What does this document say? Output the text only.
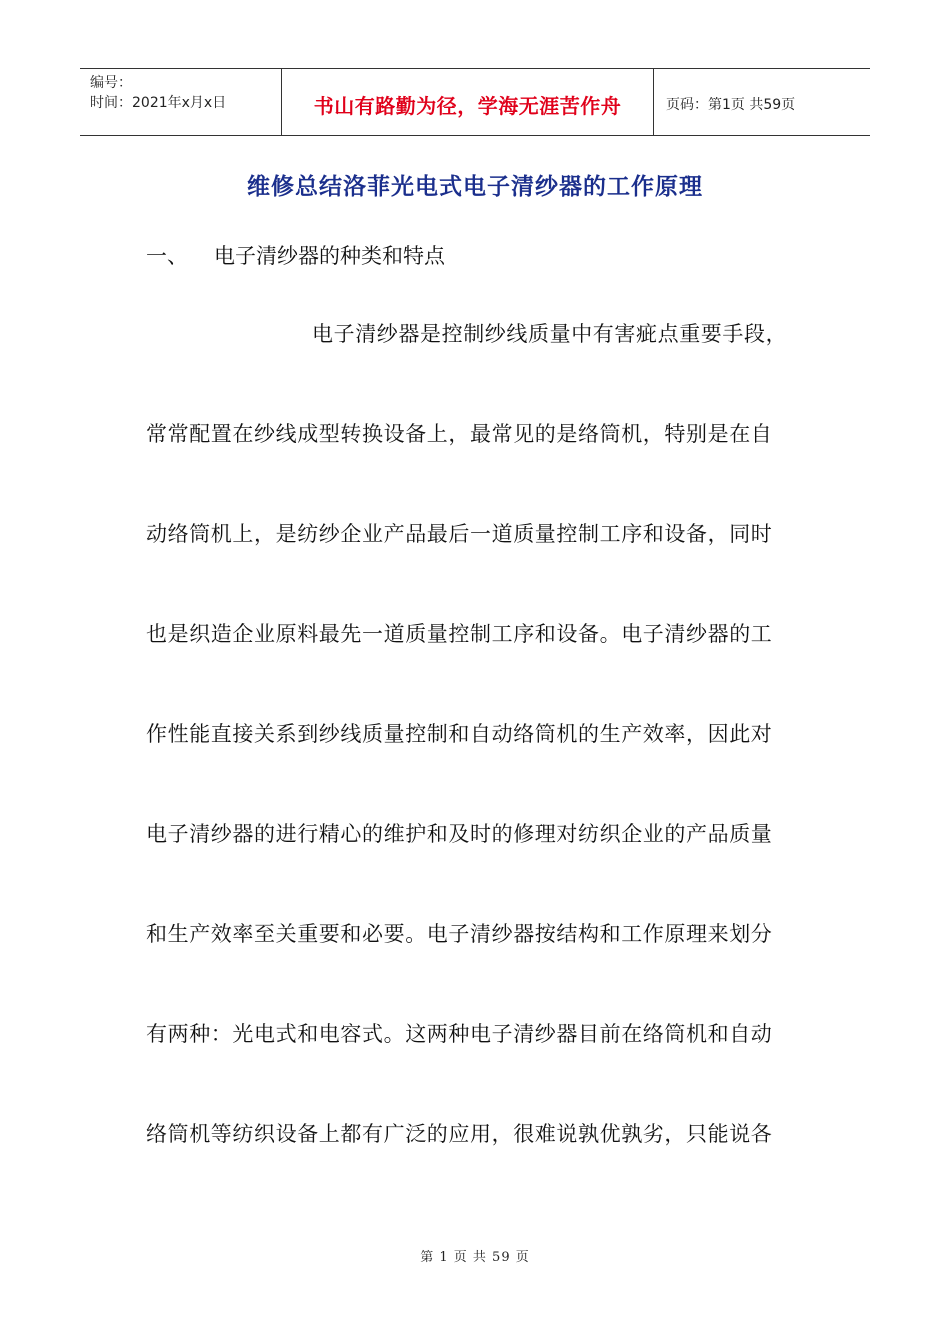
编号：
时间：2021年x月x日	书山有路勤为径，学海无涯苦作舟	页码：第1页 共59页
维修总结洛菲光电式电子清纱器的工作原理
一、	电子清纱器的种类和特点
电子清纱器是控制纱线质量中有害疵点重要手段，
常常配置在纱线成型转换设备上，最常见的是络筒机，特别是在自
动络筒机上，是纺纱企业产品最后一道质量控制工序和设备，同时
也是织造企业原料最先一道质量控制工序和设备。电子清纱器的工
作性能直接关系到纱线质量控制和自动络筒机的生产效率，因此对
电子清纱器的进行精心的维护和及时的修理对纺织企业的产品质量
和生产效率至关重要和必要。电子清纱器按结构和工作原理来划分
有两种：光电式和电容式。这两种电子清纱器目前在络筒机和自动
络筒机等纺织设备上都有广泛的应用，很难说孰优孰劣，只能说各
第 1 页 共 59 页
